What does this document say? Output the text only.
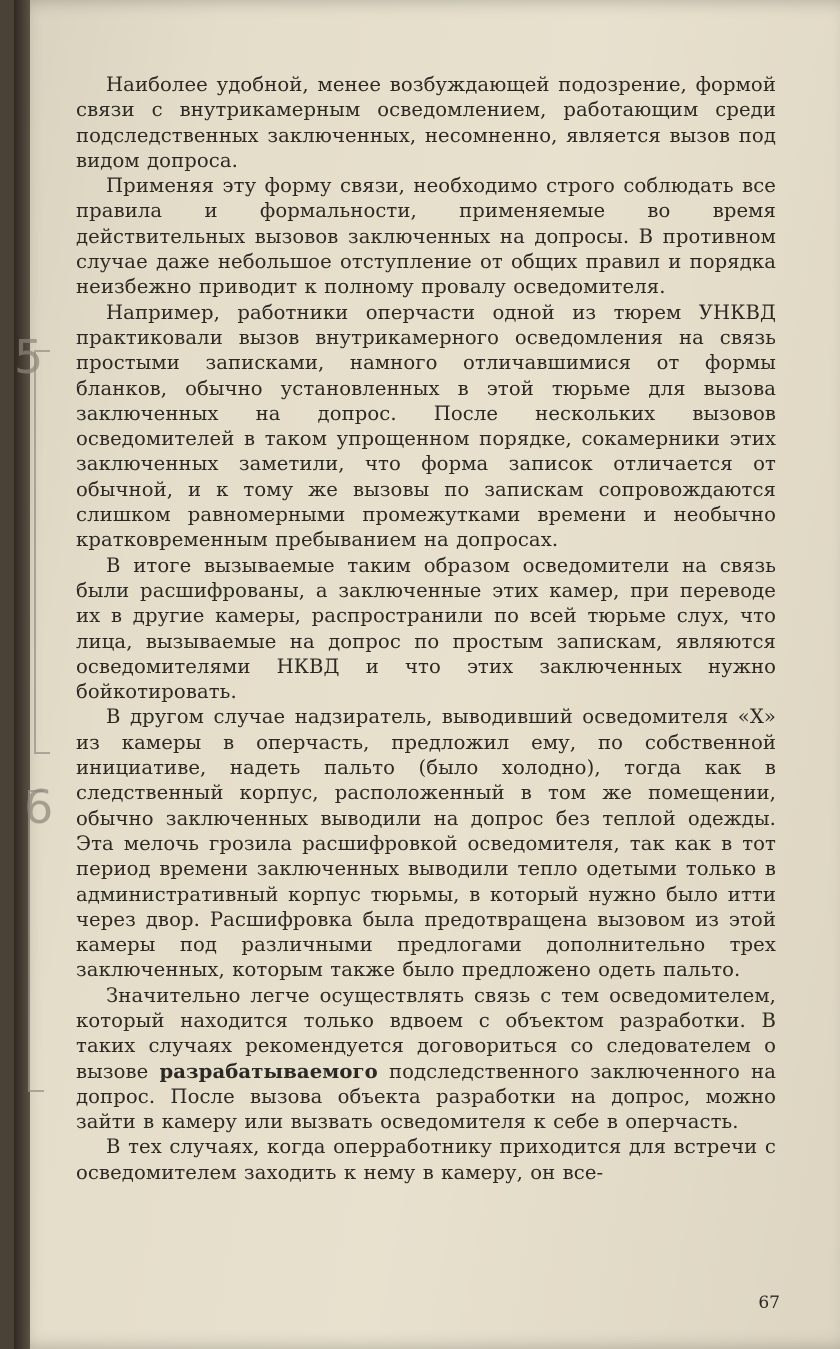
5
6

Наиболее удобной, менее возбуждающей подозрение, формой связи с внутрикамерным осведомлением, работающим среди подследственных заключенных, несомненно, является вызов под видом допроса.

Применяя эту форму связи, необходимо строго соблюдать все правила и формальности, применяемые во время действительных вызовов заключенных на допросы. В противном случае даже небольшое отступление от общих правил и порядка неизбежно приводит к полному провалу осведомителя.

Например, работники оперчасти одной из тюрем УНКВД практиковали вызов внутрикамерного осведомления на связь простыми записками, намного отличавшимися от формы бланков, обычно установленных в этой тюрьме для вызова заключенных на допрос. После нескольких вызовов осведомителей в таком упрощенном порядке, сокамерники этих заключенных заметили, что форма записок отличается от обычной, и к тому же вызовы по запискам сопровождаются слишком равномерными промежутками времени и необычно кратковременным пребыванием на допросах.

В итоге вызываемые таким образом осведомители на связь были расшифрованы, а заключенные этих камер, при переводе их в другие камеры, распространили по всей тюрьме слух, что лица, вызываемые на допрос по простым запискам, являются осведомителями НКВД и что этих заключенных нужно бойкотировать.

В другом случае надзиратель, выводивший осведомителя «X» из камеры в оперчасть, предложил ему, по собственной инициативе, надеть пальто (было холодно), тогда как в следственный корпус, расположенный в том же помещении, обычно заключенных выводили на допрос без теплой одежды. Эта мелочь грозила расшифровкой осведомителя, так как в тот период времени заключенных выводили тепло одетыми только в административный корпус тюрьмы, в который нужно было итти через двор. Расшифровка была предотвращена вызовом из этой камеры под различными предлогами дополнительно трех заключенных, которым также было предложено одеть пальто.

Значительно легче осуществлять связь с тем осведомителем, который находится только вдвоем с объектом разработки. В таких случаях рекомендуется договориться со следователем о вызове разрабатываемого подследственного заключенного на допрос. После вызова объекта разработки на допрос, можно зайти в камеру или вызвать осведомителя к себе в оперчасть.

В тех случаях, когда оперработнику приходится для встречи с осведомителем заходить к нему в камеру, он все-

67
